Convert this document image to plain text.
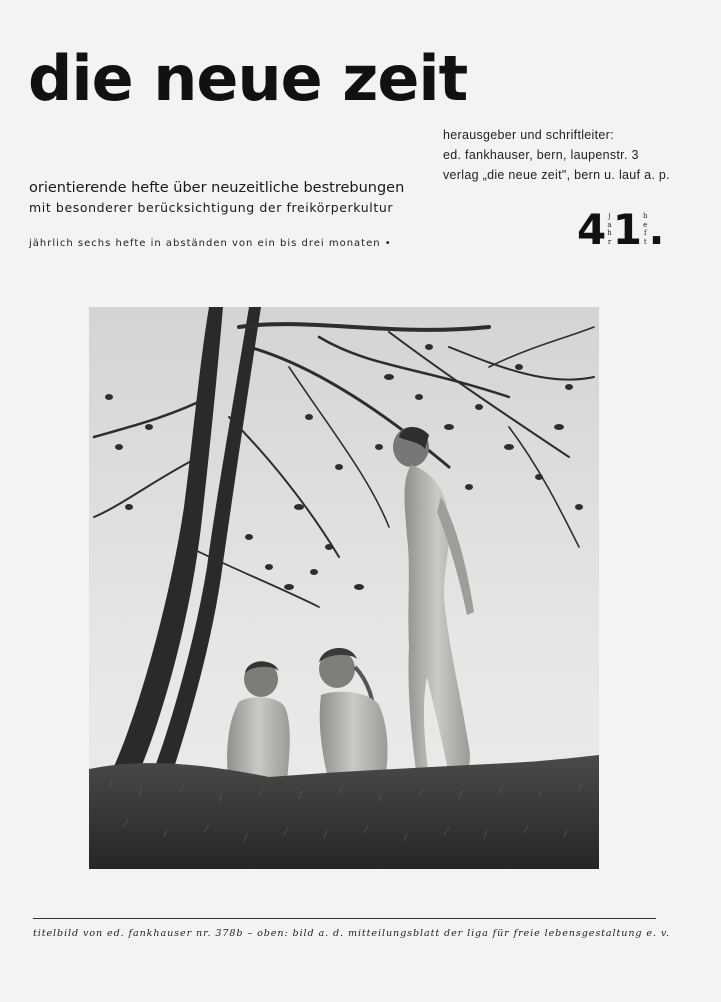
die neue zeit
herausgeber und schriftleiter:
ed. fankhauser, bern, laupenstr. 3
verlag „die neue zeit", bern u. lauf a. p.
orientierende hefte über neuzeitliche bestrebungen
mit besonderer berücksichtigung der freikörperkultur
jährlich sechs hefte in abständen von ein bis drei monaten •	4 j
a
h
r 1 h
e
f
t .
titelbild von ed. fankhauser nr. 378b – oben: bild a. d. mitteilungsblatt der liga für freie lebensgestaltung e. v.
